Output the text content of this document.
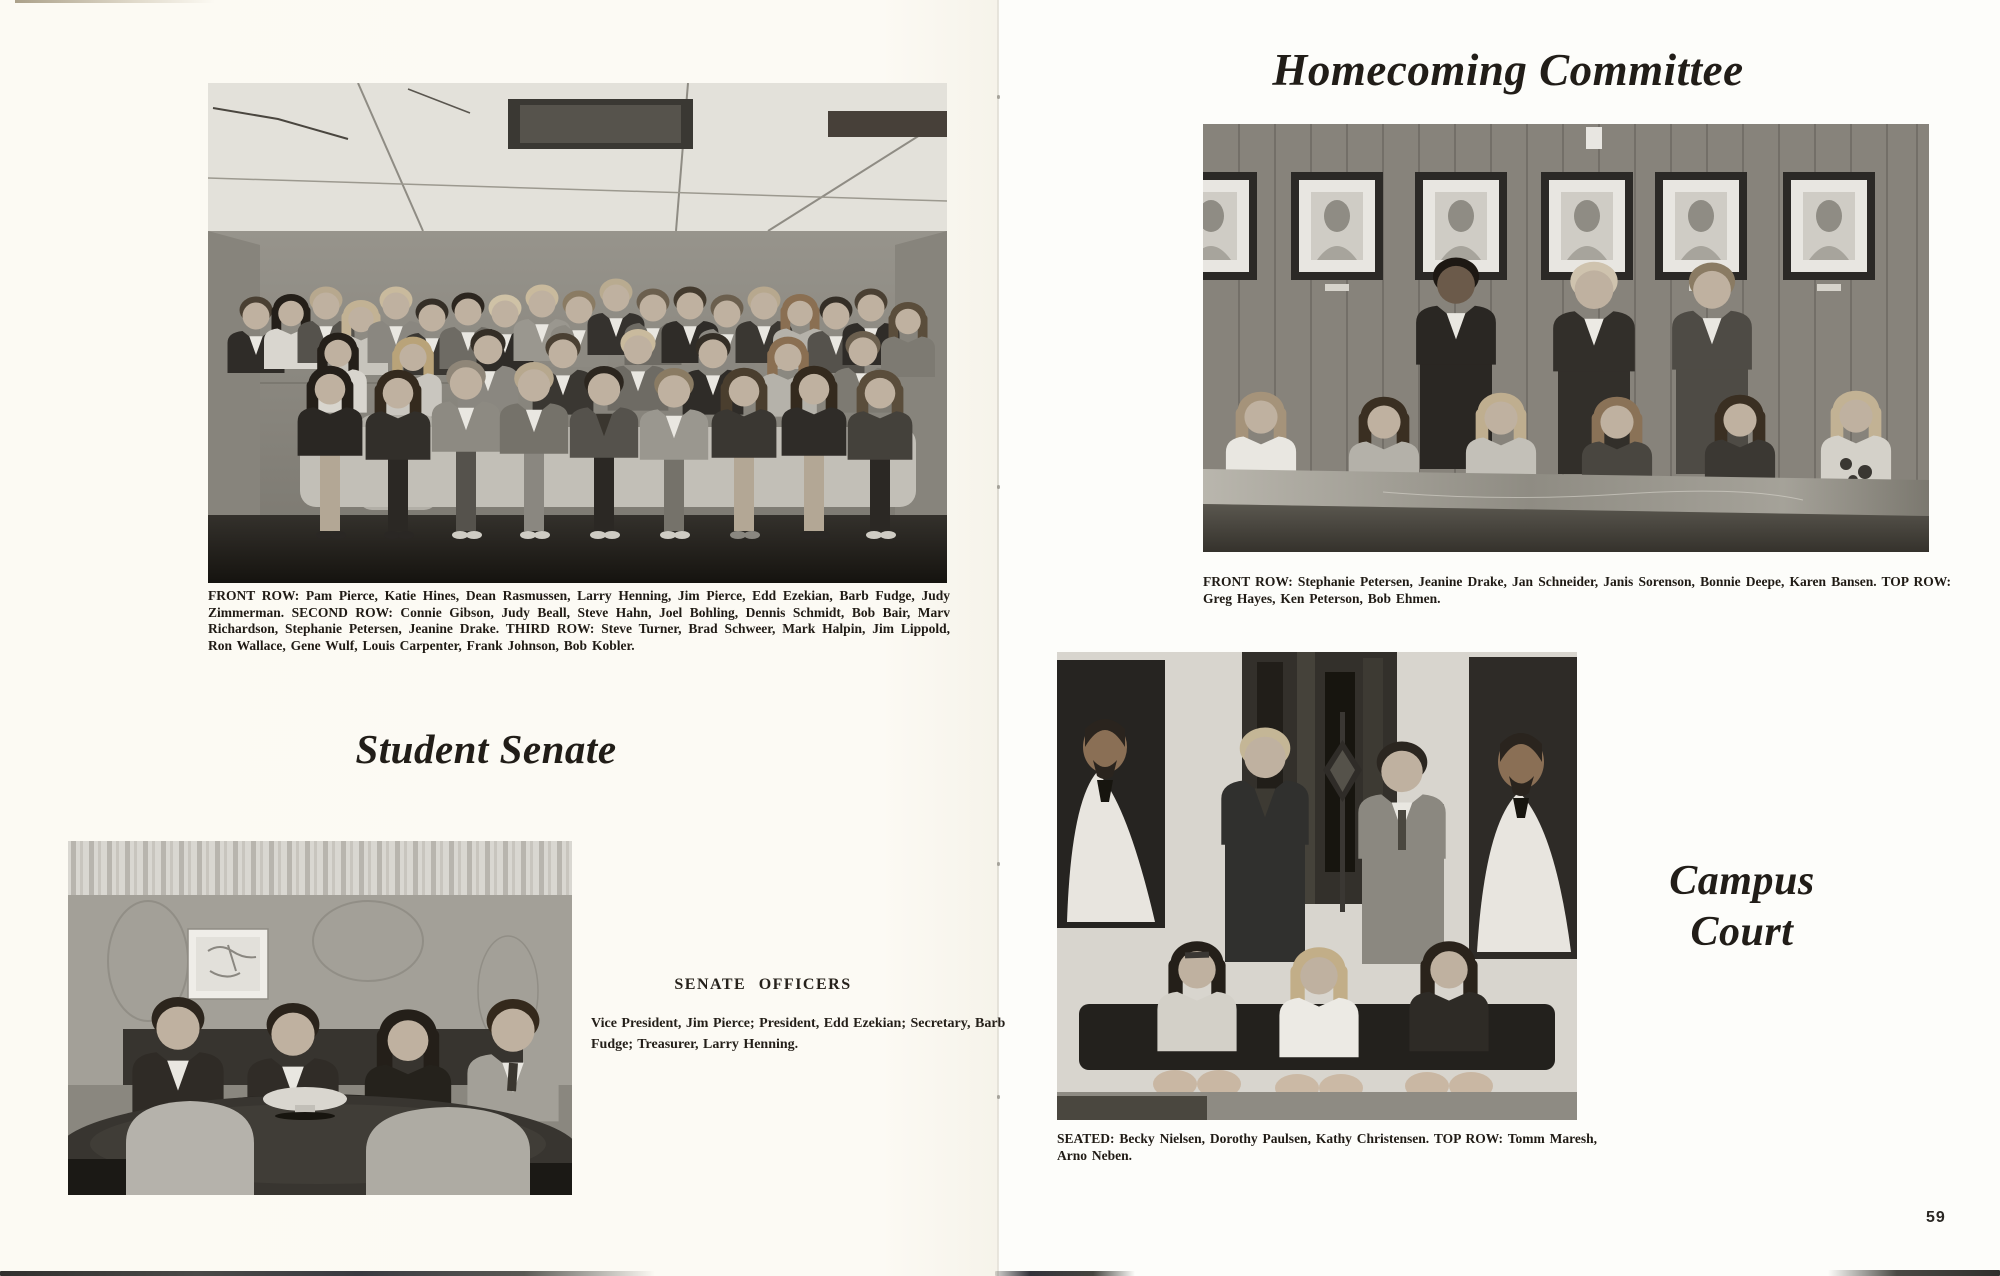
FRONT ROW: Pam Pierce, Katie Hines, Dean Rasmussen, Larry Henning, Jim Pierce, Edd Ezekian, Barb Fudge, Judy Zimmerman. SECOND ROW: Connie Gibson, Judy Beall, Steve Hahn, Joel Bohling, Dennis Schmidt, Bob Bair, Marv Richardson, Stephanie Petersen, Jeanine Drake. THIRD ROW: Steve Turner, Brad Schweer, Mark Halpin, Jim Lippold, Ron Wallace, Gene Wulf, Louis Carpenter, Frank Johnson, Bob Kobler.
Student Senate
SENATE OFFICERS
Vice President, Jim Pierce; President, Edd Ezekian; Secretary, Barb Fudge; Treasurer, Larry Henning.
Homecoming Committee
FRONT ROW: Stephanie Petersen, Jeanine Drake, Jan Schneider, Janis Sorenson, Bonnie Deepe, Karen Bansen. TOP ROW: Greg Hayes, Ken Peterson, Bob Ehmen.
SEATED: Becky Nielsen, Dorothy Paulsen, Kathy Christensen. TOP ROW: Tomm Maresh, Arno Neben.
Campus
Court
59
